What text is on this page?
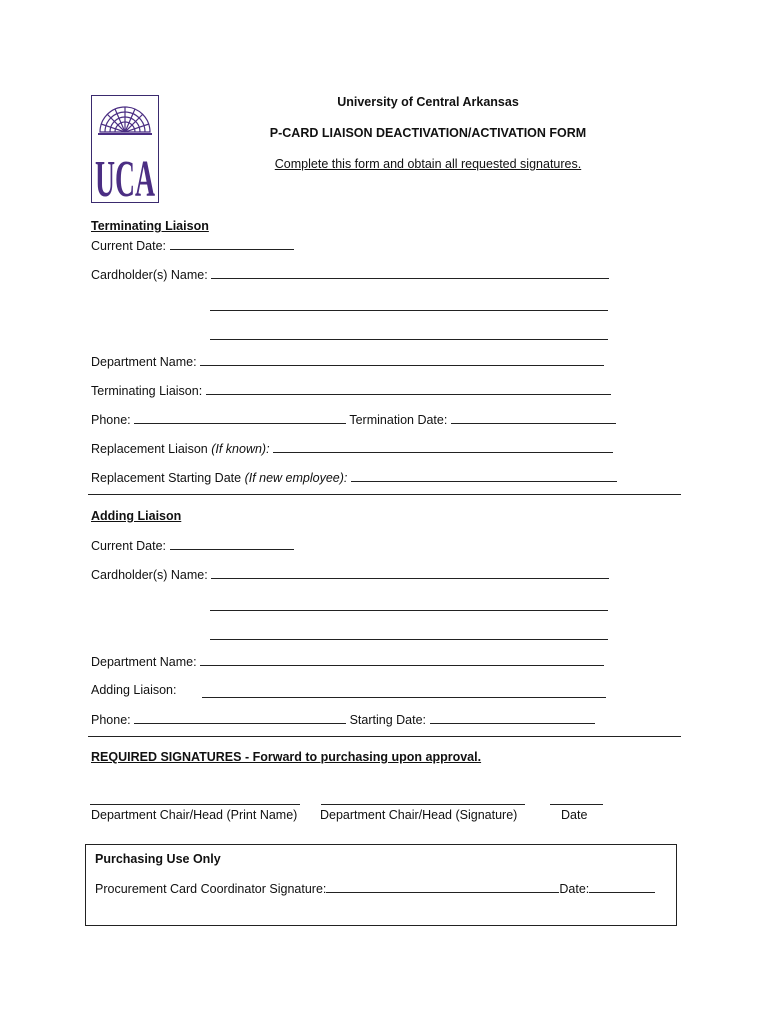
UCA
University of Central Arkansas
P-CARD LIAISON DEACTIVATION/ACTIVATION FORM
Complete this form and obtain all requested signatures.
Terminating Liaison
Current Date:
Cardholder(s) Name:
Department Name:
Terminating Liaison:
Phone:	Termination Date:
Replacement Liaison (If known):
Replacement Starting Date (If new employee):
Adding Liaison
Current Date:
Cardholder(s) Name:
Department Name:
Adding Liaison:
Phone:	Starting Date:
REQUIRED SIGNATURES - Forward to purchasing upon approval.
Department Chair/Head (Print Name) Department Chair/Head (Signature)	Date
Purchasing Use Only
Procurement Card Coordinator Signature:	Date:
